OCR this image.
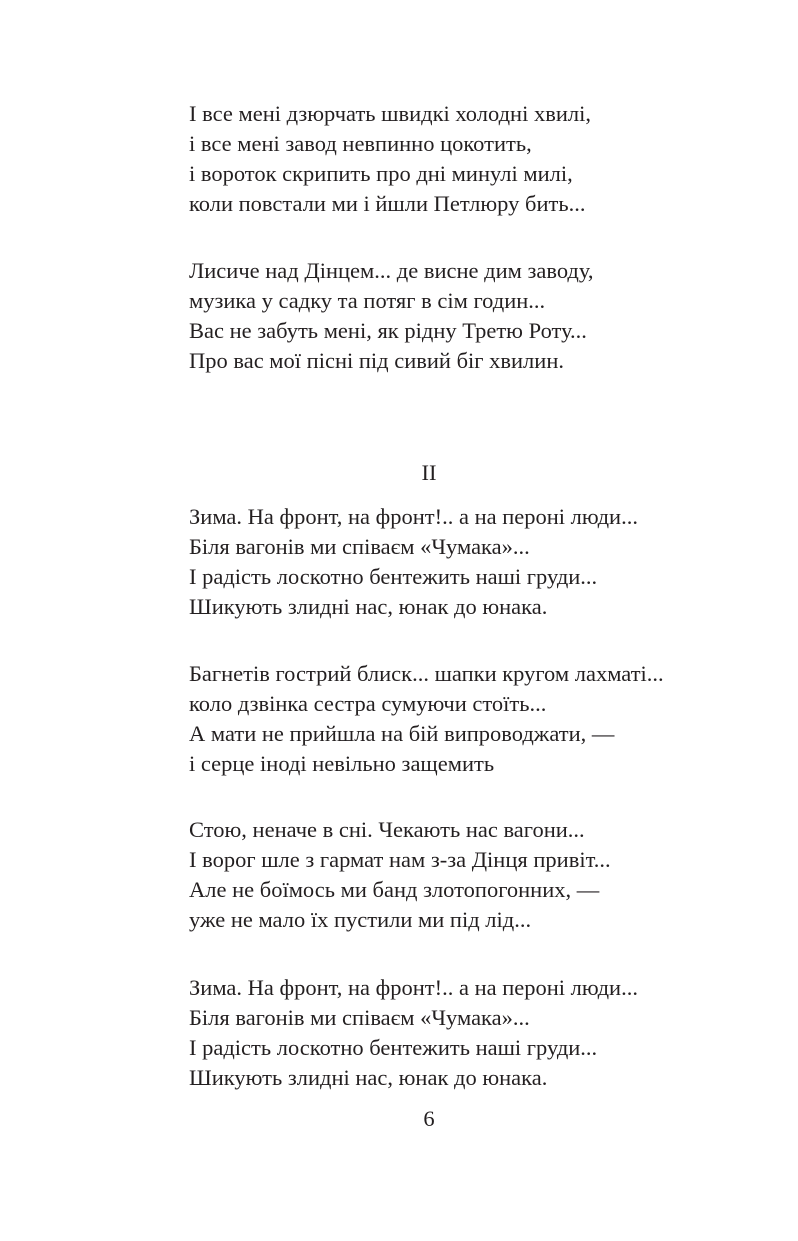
І все мені дзюрчать швидкі холодні хвилі,
і все мені завод невпинно цокотить,
і вороток скрипить про дні минулі милі,
коли повстали ми і йшли Петлюру бить...
Лисиче над Дінцем... де висне дим заводу,
музика у садку та потяг в сім годин...
Вас не забуть мені, як рідну Третю Роту...
Про вас мої пісні під сивий біг хвилин.
II
Зима. На фронт, на фронт!.. а на пероні люди...
Біля вагонів ми співаєм «Чумака»...
І радість лоскотно бентежить наші груди...
Шикують злидні нас, юнак до юнака.
Багнетів гострий блиск... шапки кругом лахматі...
коло дзвінка сестра сумуючи стоїть...
А мати не прийшла на бій випроводжати, —
і серце іноді невільно защемить
Стою, неначе в сні. Чекають нас вагони...
І ворог шле з гармат нам з-за Дінця привіт...
Але не боїмось ми банд злотопогонних, —
уже не мало їх пустили ми під лід...
Зима. На фронт, на фронт!.. а на пероні люди...
Біля вагонів ми співаєм «Чумака»...
І радість лоскотно бентежить наші груди...
Шикують злидні нас, юнак до юнака.
6
